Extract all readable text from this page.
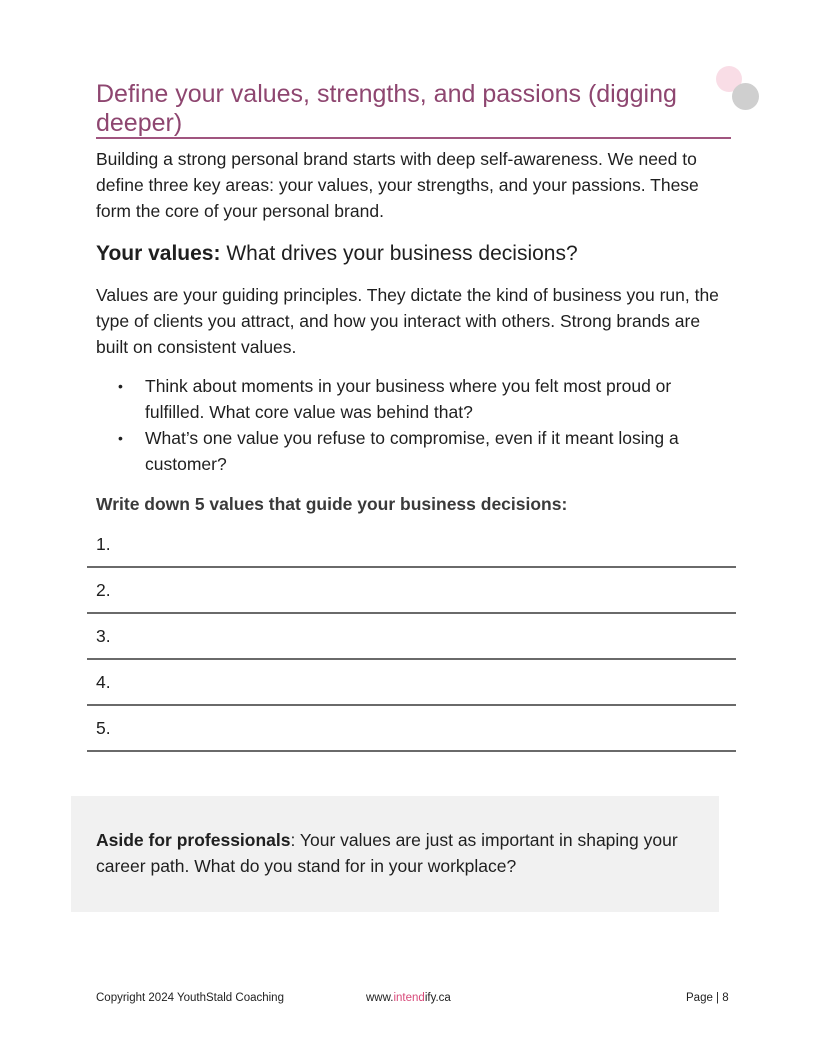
Define your values, strengths, and passions (digging deeper)

Building a strong personal brand starts with deep self-awareness. We need to define three key areas: your values, your strengths, and your passions. These form the core of your personal brand.

Your values: What drives your business decisions?

Values are your guiding principles. They dictate the kind of business you run, the type of clients you attract, and how you interact with others. Strong brands are built on consistent values.

• Think about moments in your business where you felt most proud or fulfilled. What core value was behind that?
• What’s one value you refuse to compromise, even if it meant losing a customer?

Write down 5 values that guide your business decisions:

1.
2.
3.
4.
5.

Aside for professionals: Your values are just as important in shaping your career path. What do you stand for in your workplace?

Copyright 2024 YouthStald Coaching	www.intendify.ca	Page | 8
